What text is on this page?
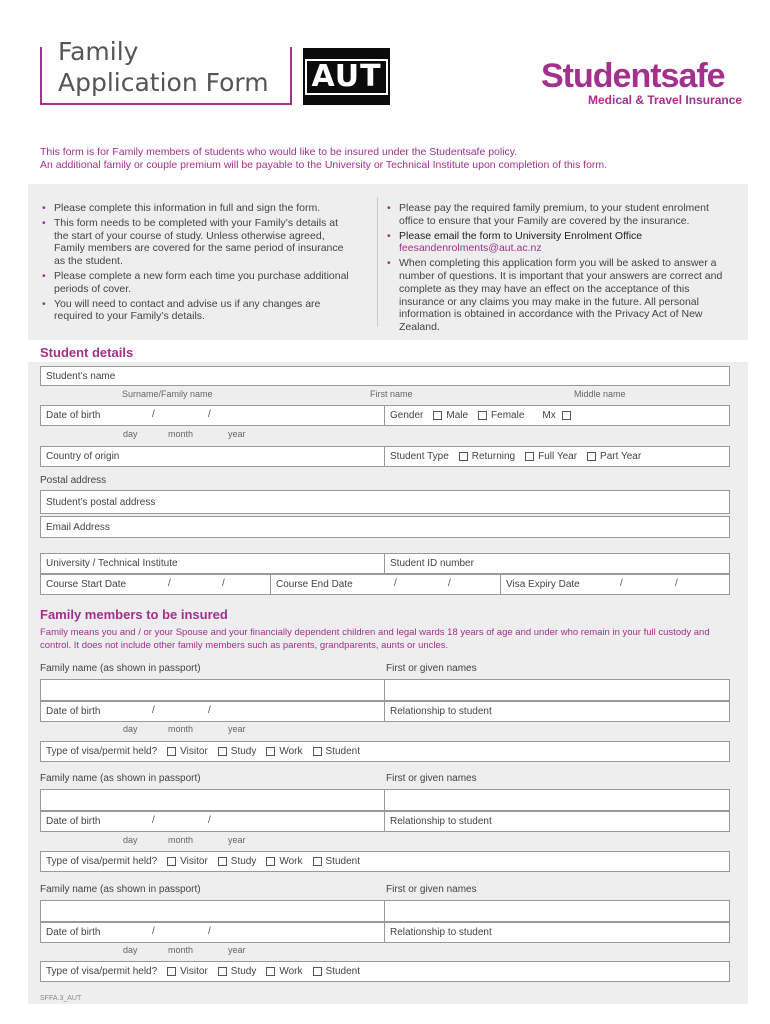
Family
Application Form AUT	Studentsafe
Medical & Travel Insurance
This form is for Family members of students who would like to be insured under the Studentsafe policy.
An additional family or couple premium will be payable to the University or Technical Institute upon completion of this form.
• Please complete this information in full and sign the form.
• This form needs to be completed with your Family’s details at the start of your course of study. Unless otherwise agreed, Family members are covered for the same period of insurance as the student.
• Please complete a new form each time you purchase additional periods of cover.
• You will need to contact and advise us if any changes are required to your Family’s details.
• Please pay the required family premium, to your student enrolment office to ensure that your Family are covered by the insurance.
• Please email the form to University Enrolment Office
feesandenrolments@aut.ac.nz
• When completing this application form you will be asked to answer a number of questions. It is important that your answers are correct and complete as they may have an effect on the acceptance of this insurance or any claims you may make in the future. All personal information is obtained in accordance with the Privacy Act of New Zealand.
Student details
Student’s name
Surname/Family name	First name	Middle name
Date of birth	/	/
day	month	year
Gender Male Female Mx
Country of origin	Student Type Returning Full Year Part Year
Postal address
Student’s postal address
Email Address
University / Technical Institute	Student ID number
Course Start Date	/	/	Course End Date	/	/	Visa Expiry Date	/	/
Family members to be insured
Family means you and / or your Spouse and your financially dependent children and legal wards 18 years of age and under who remain in your full custody and
control. It does not include other family members such as parents, grandparents, aunts or uncles.
Family name (as shown in passport)	First or given names
Date of birth	/	/	Relationship to student
day	month	year
Type of visa/permit held? Visitor Study Work Student
Family name (as shown in passport)	First or given names
Date of birth	/	/	Relationship to student
day	month	year
Type of visa/permit held? Visitor Study Work Student
Family name (as shown in passport)	First or given names
Date of birth	/	/	Relationship to student
day	month	year
Type of visa/permit held? Visitor Study Work Student
SFFA.3_AUT
